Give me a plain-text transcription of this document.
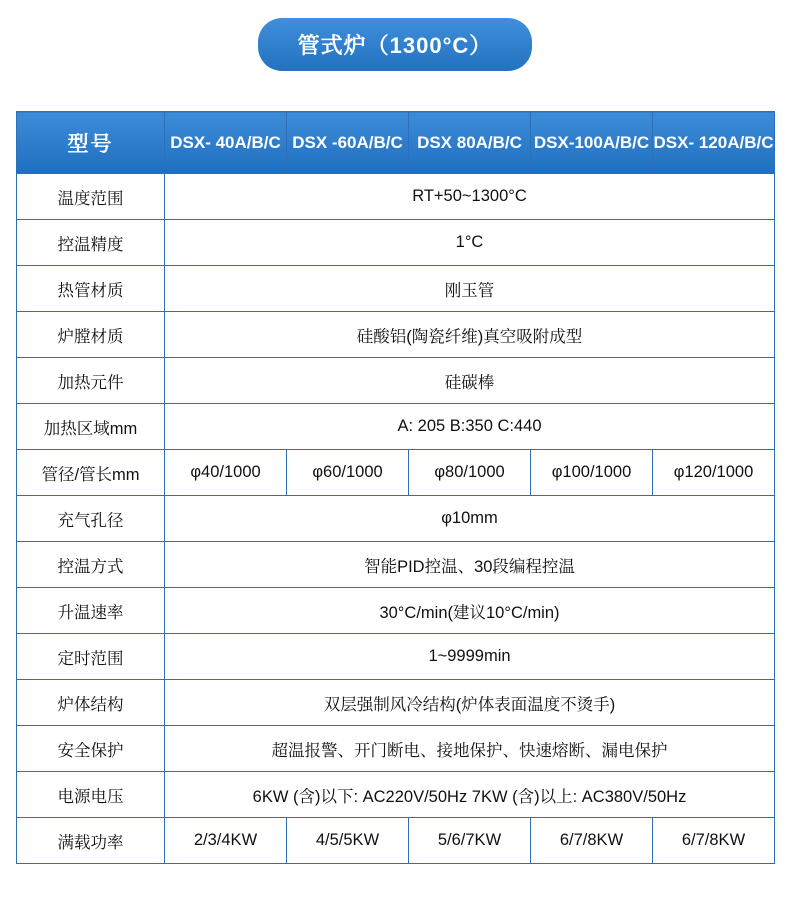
管式炉（1300°C）
型号	DSX- 40A/B/C	DSX -60A/B/C	DSX 80A/B/C	DSX-100A/B/C	DSX- 120A/B/C
温度范围	RT+50~1300°C				
控温精度	1°C				
热管材质	刚玉管				
炉膛材质	硅酸铝(陶瓷纤维)真空吸附成型				
加热元件	硅碳棒				
加热区域mm	A: 205 B:350 C:440				
管径/管长mm	φ40/1000	φ60/1000	φ80/1000	φ100/1000	φ120/1000
充气孔径	φ10mm				
控温方式	智能PID控温、30段编程控温				
升温速率	30°C/min(建议10°C/min)				
定时范围	1~9999min				
炉体结构	双层强制风冷结构(炉体表面温度不烫手)				
安全保护	超温报警、开门断电、接地保护、快速熔断、漏电保护				
电源电压	6KW (含)以下: AC220V/50Hz 7KW (含)以上: AC380V/50Hz				
满载功率	2/3/4KW	4/5/5KW	5/6/7KW	6/7/8KW	6/7/8KW
